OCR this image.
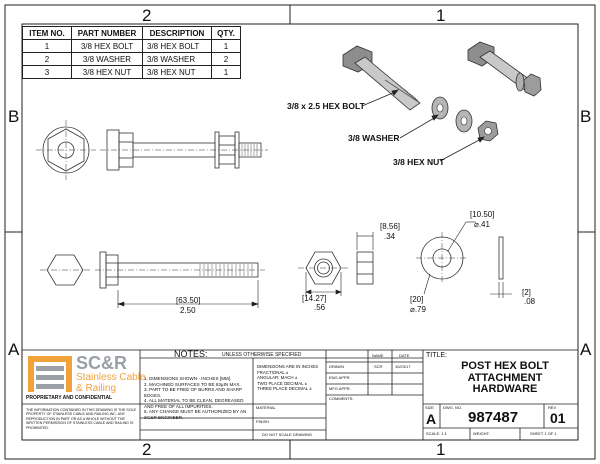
2	1
B
A
B
A
2	1
ITEM NO.	PART NUMBER	DESCRIPTION	QTY.
1	3/8 HEX BOLT	3/8 HEX BOLT	1
2	3/8 WASHER	3/8 WASHER	2
3	3/8 HEX NUT	3/8 HEX NUT	1
3/8 x 2.5 HEX BOLT
3/8 WASHER
3/8 HEX NUT
[63.50]
2.50
[14.27]
.56
[8.56]
.34
[10.50]
⌀.41
[20]
⌀.79
[2]
.08
SC&R
Stainless Cable
& Railing
PROPRIETARY AND CONFIDENTIAL
THE INFORMATION CONTAINED IN THIS DRAWING IS THE SOLE PROPERTY OF STAINLESS CABLE AND RAILING INC. ANY REPRODUCTION IN PART OR AS A WHOLE WITHOUT THE WRITTEN PERMISSION OF STAINLESS CABLE AND RAILING IS PROHIBITED.
NOTES:	UNLESS OTHERWISE SPECIFIED
1. DIMENSIONS SHOWN - INCHES [MM].
2. MACHINED SURFACES TO BE 63μIN MAX.
3. PART TO BE FREE OF BURRS AND SHARP EDGES.
4. ALL MATERIAL TO BE CLEAN, DEGREASED AND FREE OF ALL IMPURITIES.
5. ANY CHANGE MUST BE AUTHORIZED BY AN SC&R ENGINEER.
DIMENSIONS ARE IN INCHES
FRACTIONAL ±
ANGULAR: MACH ±
TWO PLACE DECIMAL ±
THREE PLACE DECIMAL ±
MATERIAL
FINISH
DO NOT SCALE DRAWING
NAME	DATE
DRAWN	SCR	10/23/17
ENG APPR.
MFG APPR.
COMMENTS:
TITLE:
POST HEX BOLT
ATTACHMENT
HARDWARE
SIZE
A
DWG. NO.
987487
REV
01
SCALE: 1:1	WEIGHT:	SHEET 1 OF 1
